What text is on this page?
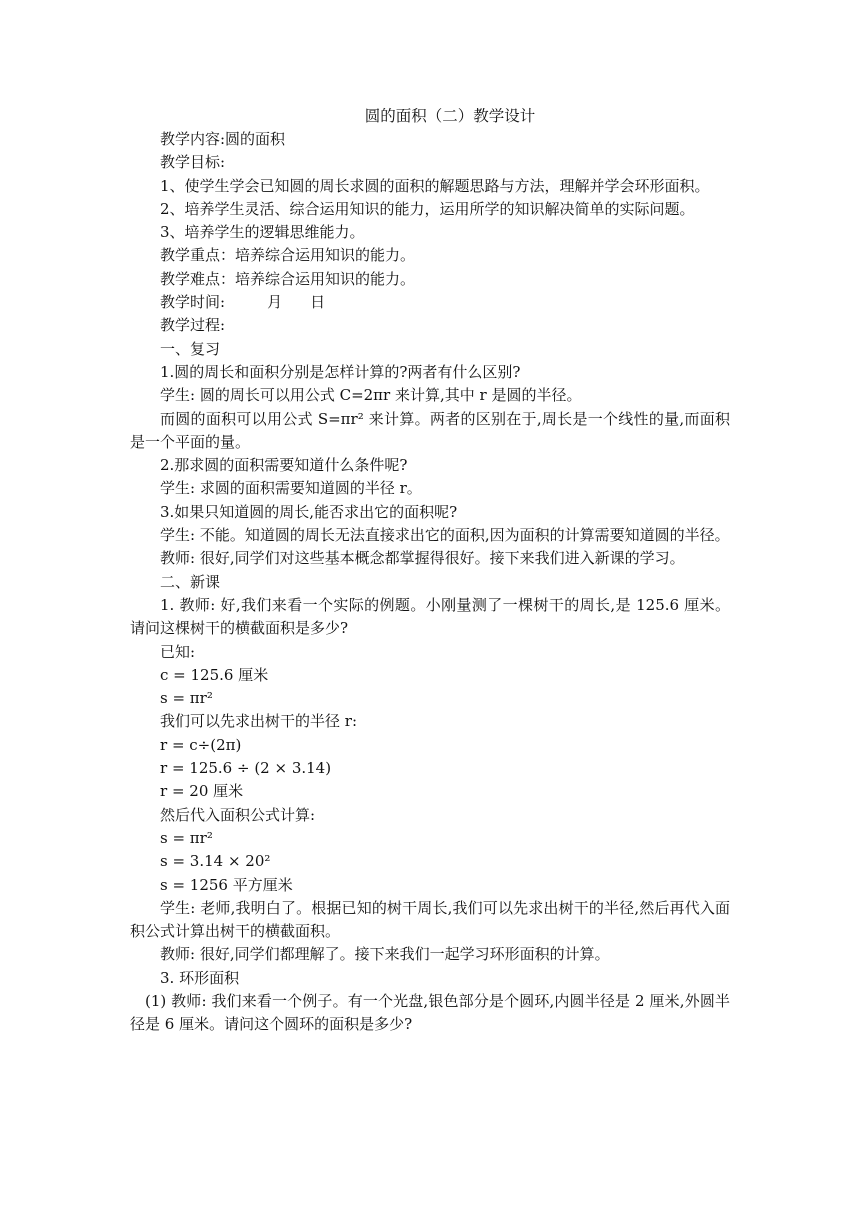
圆的面积（二）教学设计

教学内容:圆的面积

教学目标:

1、使学生学会已知圆的周长求圆的面积的解题思路与方法，理解并学会环形面积。

2、培养学生灵活、综合运用知识的能力，运用所学的知识解决简单的实际问题。

3、培养学生的逻辑思维能力。

教学重点：培养综合运用知识的能力。

教学难点：培养综合运用知识的能力。

教学时间:	月 日

教学过程:

一、复习

1.圆的周长和面积分别是怎样计算的?两者有什么区别?

学生: 圆的周长可以用公式 C=2πr 来计算,其中 r 是圆的半径。

而圆的面积可以用公式 S=πr² 来计算。两者的区别在于,周长是一个线性的量,而面积是一个平面的量。

2.那求圆的面积需要知道什么条件呢?

学生: 求圆的面积需要知道圆的半径 r。

3.如果只知道圆的周长,能否求出它的面积呢?

学生: 不能。知道圆的周长无法直接求出它的面积,因为面积的计算需要知道圆的半径。

教师: 很好,同学们对这些基本概念都掌握得很好。接下来我们进入新课的学习。

二、新课

1. 教师: 好,我们来看一个实际的例题。小刚量测了一棵树干的周长,是 125.6 厘米。请问这棵树干的横截面积是多少?

已知:

c = 125.6 厘米

s = πr²

我们可以先求出树干的半径 r:

r = c÷(2π)

r = 125.6 ÷ (2 × 3.14)

r = 20 厘米

然后代入面积公式计算:

s = πr²

s = 3.14 × 20²

s = 1256 平方厘米

学生: 老师,我明白了。根据已知的树干周长,我们可以先求出树干的半径,然后再代入面积公式计算出树干的横截面积。

教师: 很好,同学们都理解了。接下来我们一起学习环形面积的计算。

3. 环形面积

(1) 教师: 我们来看一个例子。有一个光盘,银色部分是个圆环,内圆半径是 2 厘米,外圆半径是 6 厘米。请问这个圆环的面积是多少?
